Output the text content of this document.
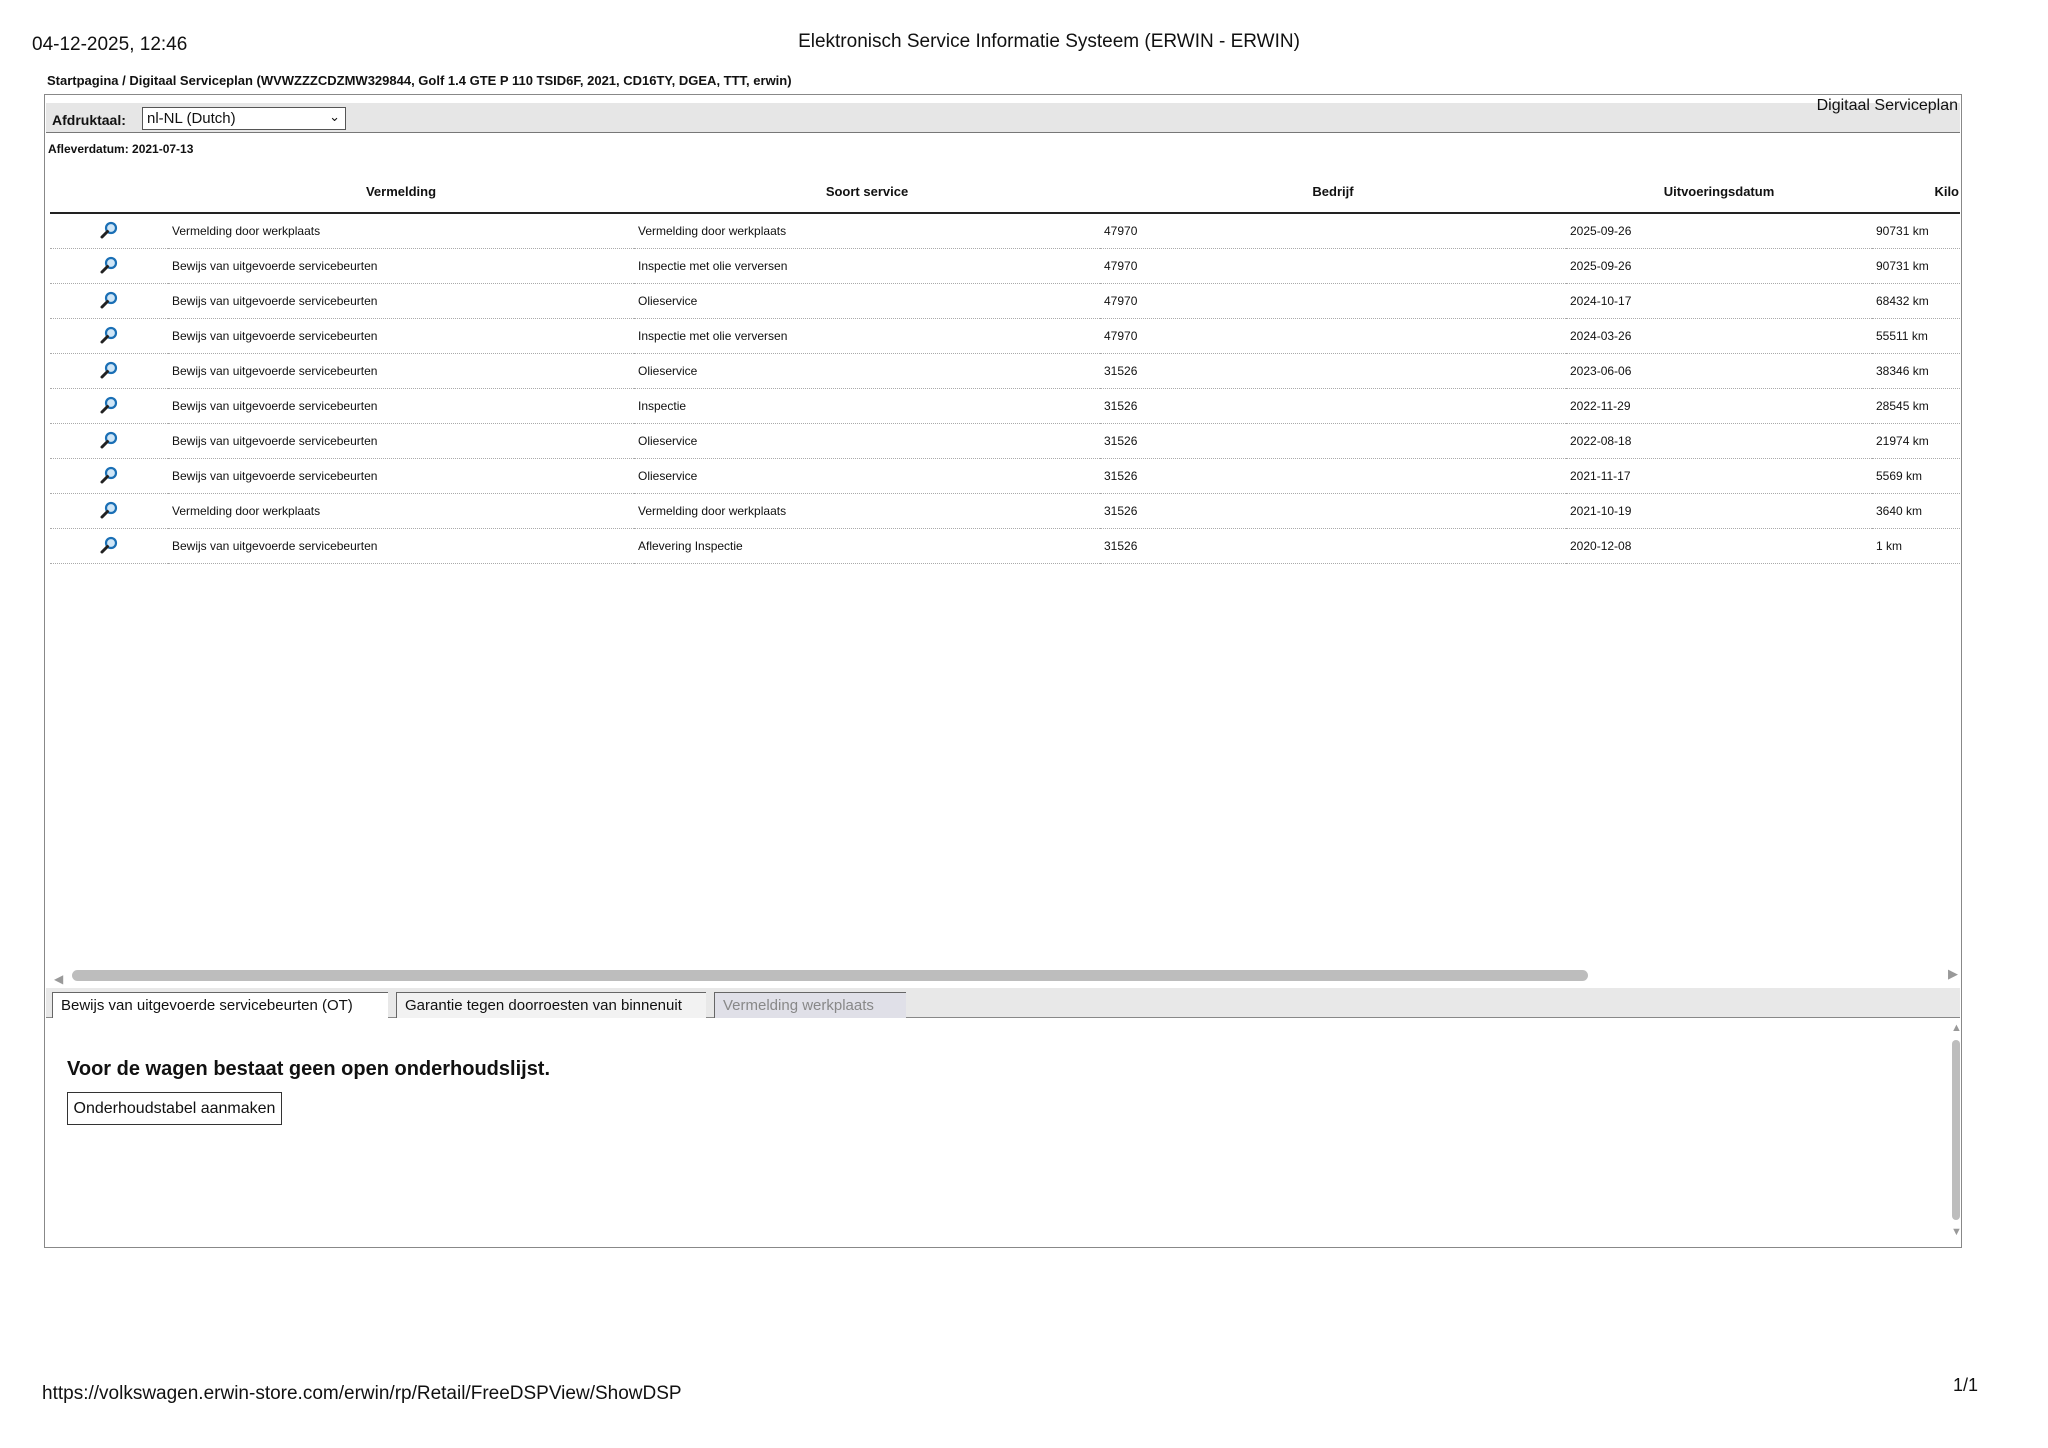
04-12-2025, 12:46	Elektronisch Service Informatie Systeem (ERWIN - ERWIN)
Startpagina / Digitaal Serviceplan (WVWZZZCDZMW329844, Golf 1.4 GTE P 110 TSID6F, 2021, CD16TY, DGEA, TTT, erwin)
Afdruktaal:	nl-NL (Dutch)	⌄
Digitaal Serviceplan
Afleverdatum: 2021-07-13
	Vermelding	Soort service	Bedrijf	Uitvoeringsdatum	Kilo
	Vermelding door werkplaats	Vermelding door werkplaats	47970	2025-09-26	90731 km
	Bewijs van uitgevoerde servicebeurten	Inspectie met olie verversen	47970	2025-09-26	90731 km
	Bewijs van uitgevoerde servicebeurten	Olieservice	47970	2024-10-17	68432 km
	Bewijs van uitgevoerde servicebeurten	Inspectie met olie verversen	47970	2024-03-26	55511 km
	Bewijs van uitgevoerde servicebeurten	Olieservice	31526	2023-06-06	38346 km
	Bewijs van uitgevoerde servicebeurten	Inspectie	31526	2022-11-29	28545 km
	Bewijs van uitgevoerde servicebeurten	Olieservice	31526	2022-08-18	21974 km
	Bewijs van uitgevoerde servicebeurten	Olieservice	31526	2021-11-17	5569 km
	Vermelding door werkplaats	Vermelding door werkplaats	31526	2021-10-19	3640 km
	Bewijs van uitgevoerde servicebeurten	Aflevering Inspectie	31526	2020-12-08	1 km
◀	▶
Bewijs van uitgevoerde servicebeurten (OT)	Garantie tegen doorroesten van binnenuit	Vermelding werkplaats
▲
▼
Voor de wagen bestaat geen open onderhoudslijst.
Onderhoudstabel aanmaken
https://volkswagen.erwin-store.com/erwin/rp/Retail/FreeDSPView/ShowDSP	1/1
